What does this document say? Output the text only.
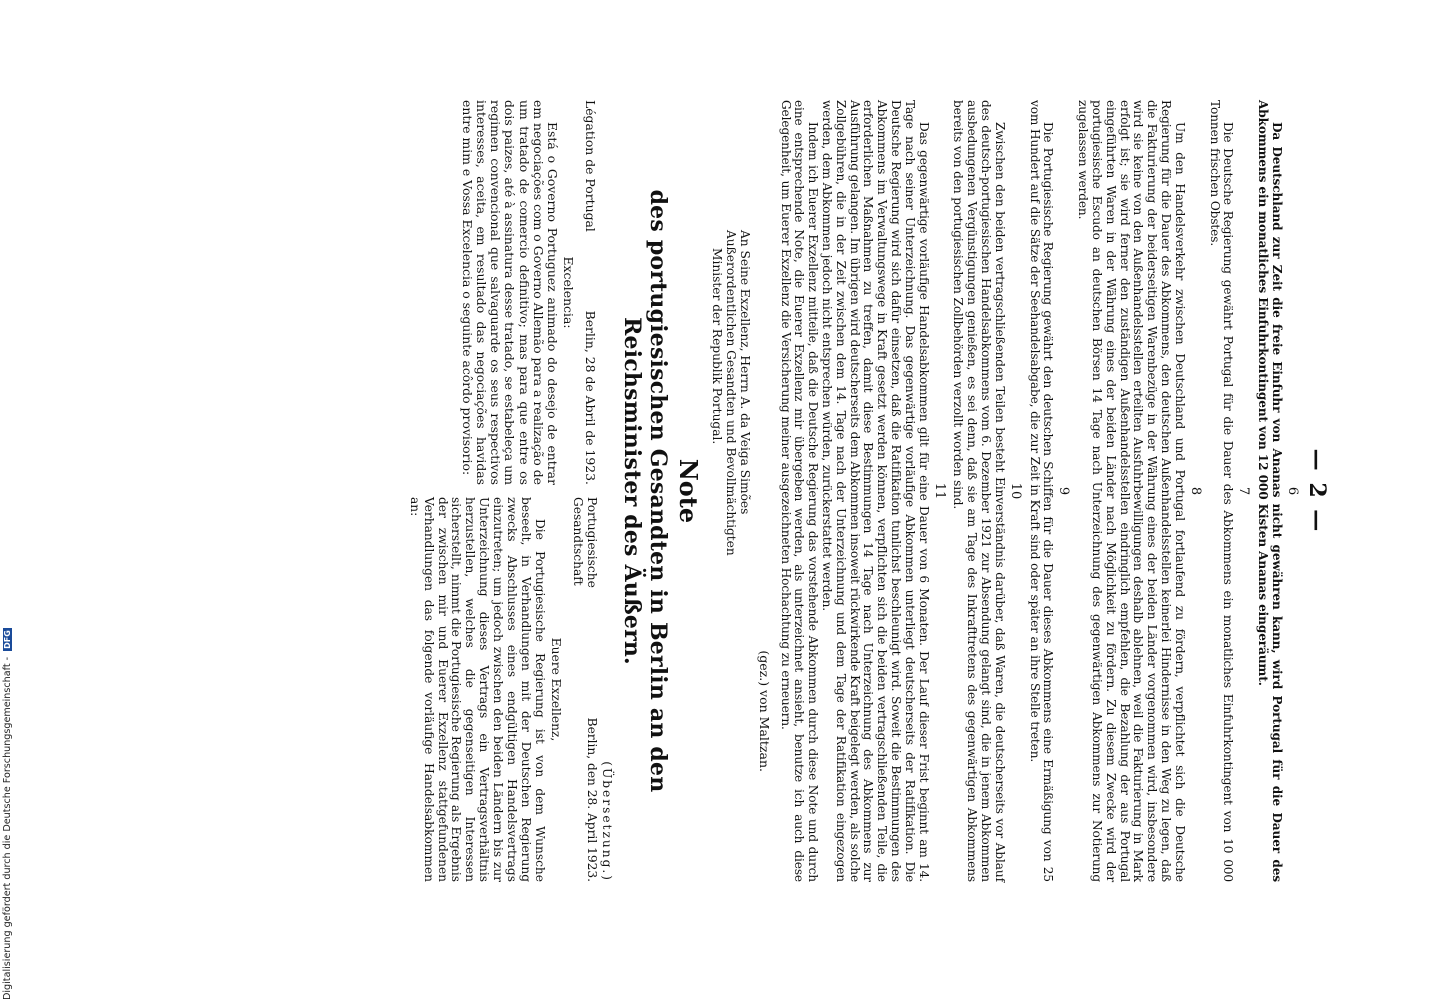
Digitalisierung gefördert durch die Deutsche Forschungsgemeinschaft - DFG
— 2 —
6

Da Deutschland zur Zeit die freie Einfuhr von Ananas nicht gewähren kann, wird Portugal für die Dauer des Abkommens ein monatliches Einfuhrkontingent von 12 000 Kisten Ananas eingeräumt.

7

Die Deutsche Regierung gewährt Portugal für die Dauer des Abkommens ein monatliches Einfuhrkontingent von 10 000 Tonnen frischen Obstes.

8

Um den Handelsverkehr zwischen Deutschland und Portugal fortlaufend zu fördern, verpflichtet sich die Deutsche Regierung für die Dauer des Abkommens, den deutschen Außenhandelsstellen keinerlei Hindernisse in den Weg zu legen, daß die Fakturierung der beiderseitigen Warenbezüge in der Währung eines der beiden Länder vorgenommen wird, insbesondere wird sie keine von den Außenhandelsstellen erteilten Ausfuhrbewilligungen deshalb ablehnen, weil die Fakturierung in Mark erfolgt ist; sie wird ferner den zuständigen Außenhandelsstellen eindringlich empfehlen, die Bezahlung der aus Portugal eingeführten Waren in der Währung eines der beiden Länder nach Möglichkeit zu fördern. Zu diesem Zwecke wird der portugiesische Escudo an deutschen Börsen 14 Tage nach Unterzeichnung des gegenwärtigen Abkommens zur Notierung zugelassen werden.

9

Die Portugiesische Regierung gewährt den deutschen Schiffen für die Dauer dieses Abkommens eine Ermäßigung von 25 vom Hundert auf die Sätze der Seehandelsabgabe, die zur Zeit in Kraft sind oder später an ihre Stelle treten.

10

Zwischen den beiden vertragschließenden Teilen besteht Einverständnis darüber, daß Waren, die deutscherseits vor Ablauf des deutsch-portugiesischen Handelsabkommens vom 6. Dezember 1921 zur Absendung gelangt sind, die in jenem Abkommen ausbedungenen Vergünstigungen genießen, es sei denn, daß sie am Tage des Inkrafttretens des gegenwärtigen Abkommens bereits von den portugiesischen Zollbehörden verzollt worden sind.

11

Das gegenwärtige vorläufige Handelsabkommen gilt für eine Dauer von 6 Monaten. Der Lauf dieser Frist beginnt am 14. Tage nach seiner Unterzeichnung. Das gegenwärtige vorläufige Abkommen unterliegt deutscherseits der Ratifikation. Die Deutsche Regierung wird sich dafür einsetzen, daß die Ratifikation tunlichst beschleunigt wird. Soweit die Bestimmungen des Abkommens im Verwaltungswege in Kraft gesetzt werden können, verpflichten sich die beiden vertragschließenden Teile, die erforderlichen Maßnahmen zu treffen, damit diese Bestimmungen 14 Tage nach Unterzeichnung des Abkommens zur Ausführung gelangen. Im übrigen wird deutscherseits dem Abkommen insoweit rückwirkende Kraft beigelegt werden, als solche Zollgebühren, die in der Zeit zwischen dem 14. Tage nach der Unterzeichnung und dem Tage der Ratifikation eingezogen werden, dem Abkommen jedoch nicht entsprechen würden, zurückerstattet werden.

Indem ich Euerer Exzellenz mitteile, daß die Deutsche Regierung das vorstehende Abkommen durch diese Note und durch eine entsprechende Note, die Euerer Exzellenz mir übergeben werden, als unterzeichnet ansieht, benutze ich auch diese Gelegenheit, um Euerer Exzellenz die Versicherung meiner ausgezeichneten Hochachtung zu erneuern.

(gez.) von Maltzan.
An Seine Exzellenz, Herrn A. da Veiga Simões
Außerordentlichen Gesandten und Bevollmächtigten
Minister der Republik Portugal.
Note
des portugiesischen Gesandten in Berlin an den Reichsminister des Äußern.
Légation de Portugal
Berlin, 28 de Abril de 1923.
Excelencia:

Está o Governo Portuguez animado do desejo de entrar em negociações com o Governo Allemão para a realização de um tratado de comercio definitivo; mas para que entre os dois paizes, até à assinatura desse tratado, se estabeleça um regimen convencional que salvaguarde os seus respectivos interesses, aceita, em resultado das negociações havidas entre mim e Vossa Excelencia o seguinte acôrdo provisorio:

(Übersetzung.)
Portugiesische Gesandtschaft
Berlin, den 28. April 1923.
Euere Exzellenz,

Die Portugiesische Regierung ist von dem Wunsche beseelt, in Verhandlungen mit der Deutschen Regierung zwecks Abschlusses eines endgültigen Handelsvertrags einzutreten; um jedoch zwischen den beiden Ländern bis zur Unterzeichnung dieses Vertrags ein Vertragsverhältnis herzustellen, welches die gegenseitigen Interessen sicherstellt, nimmt die Portugiesische Regierung als Ergebnis der zwischen mir und Euerer Exzellenz stattgefundenen Verhandlungen das folgende vorläufige Handelsabkommen an:
